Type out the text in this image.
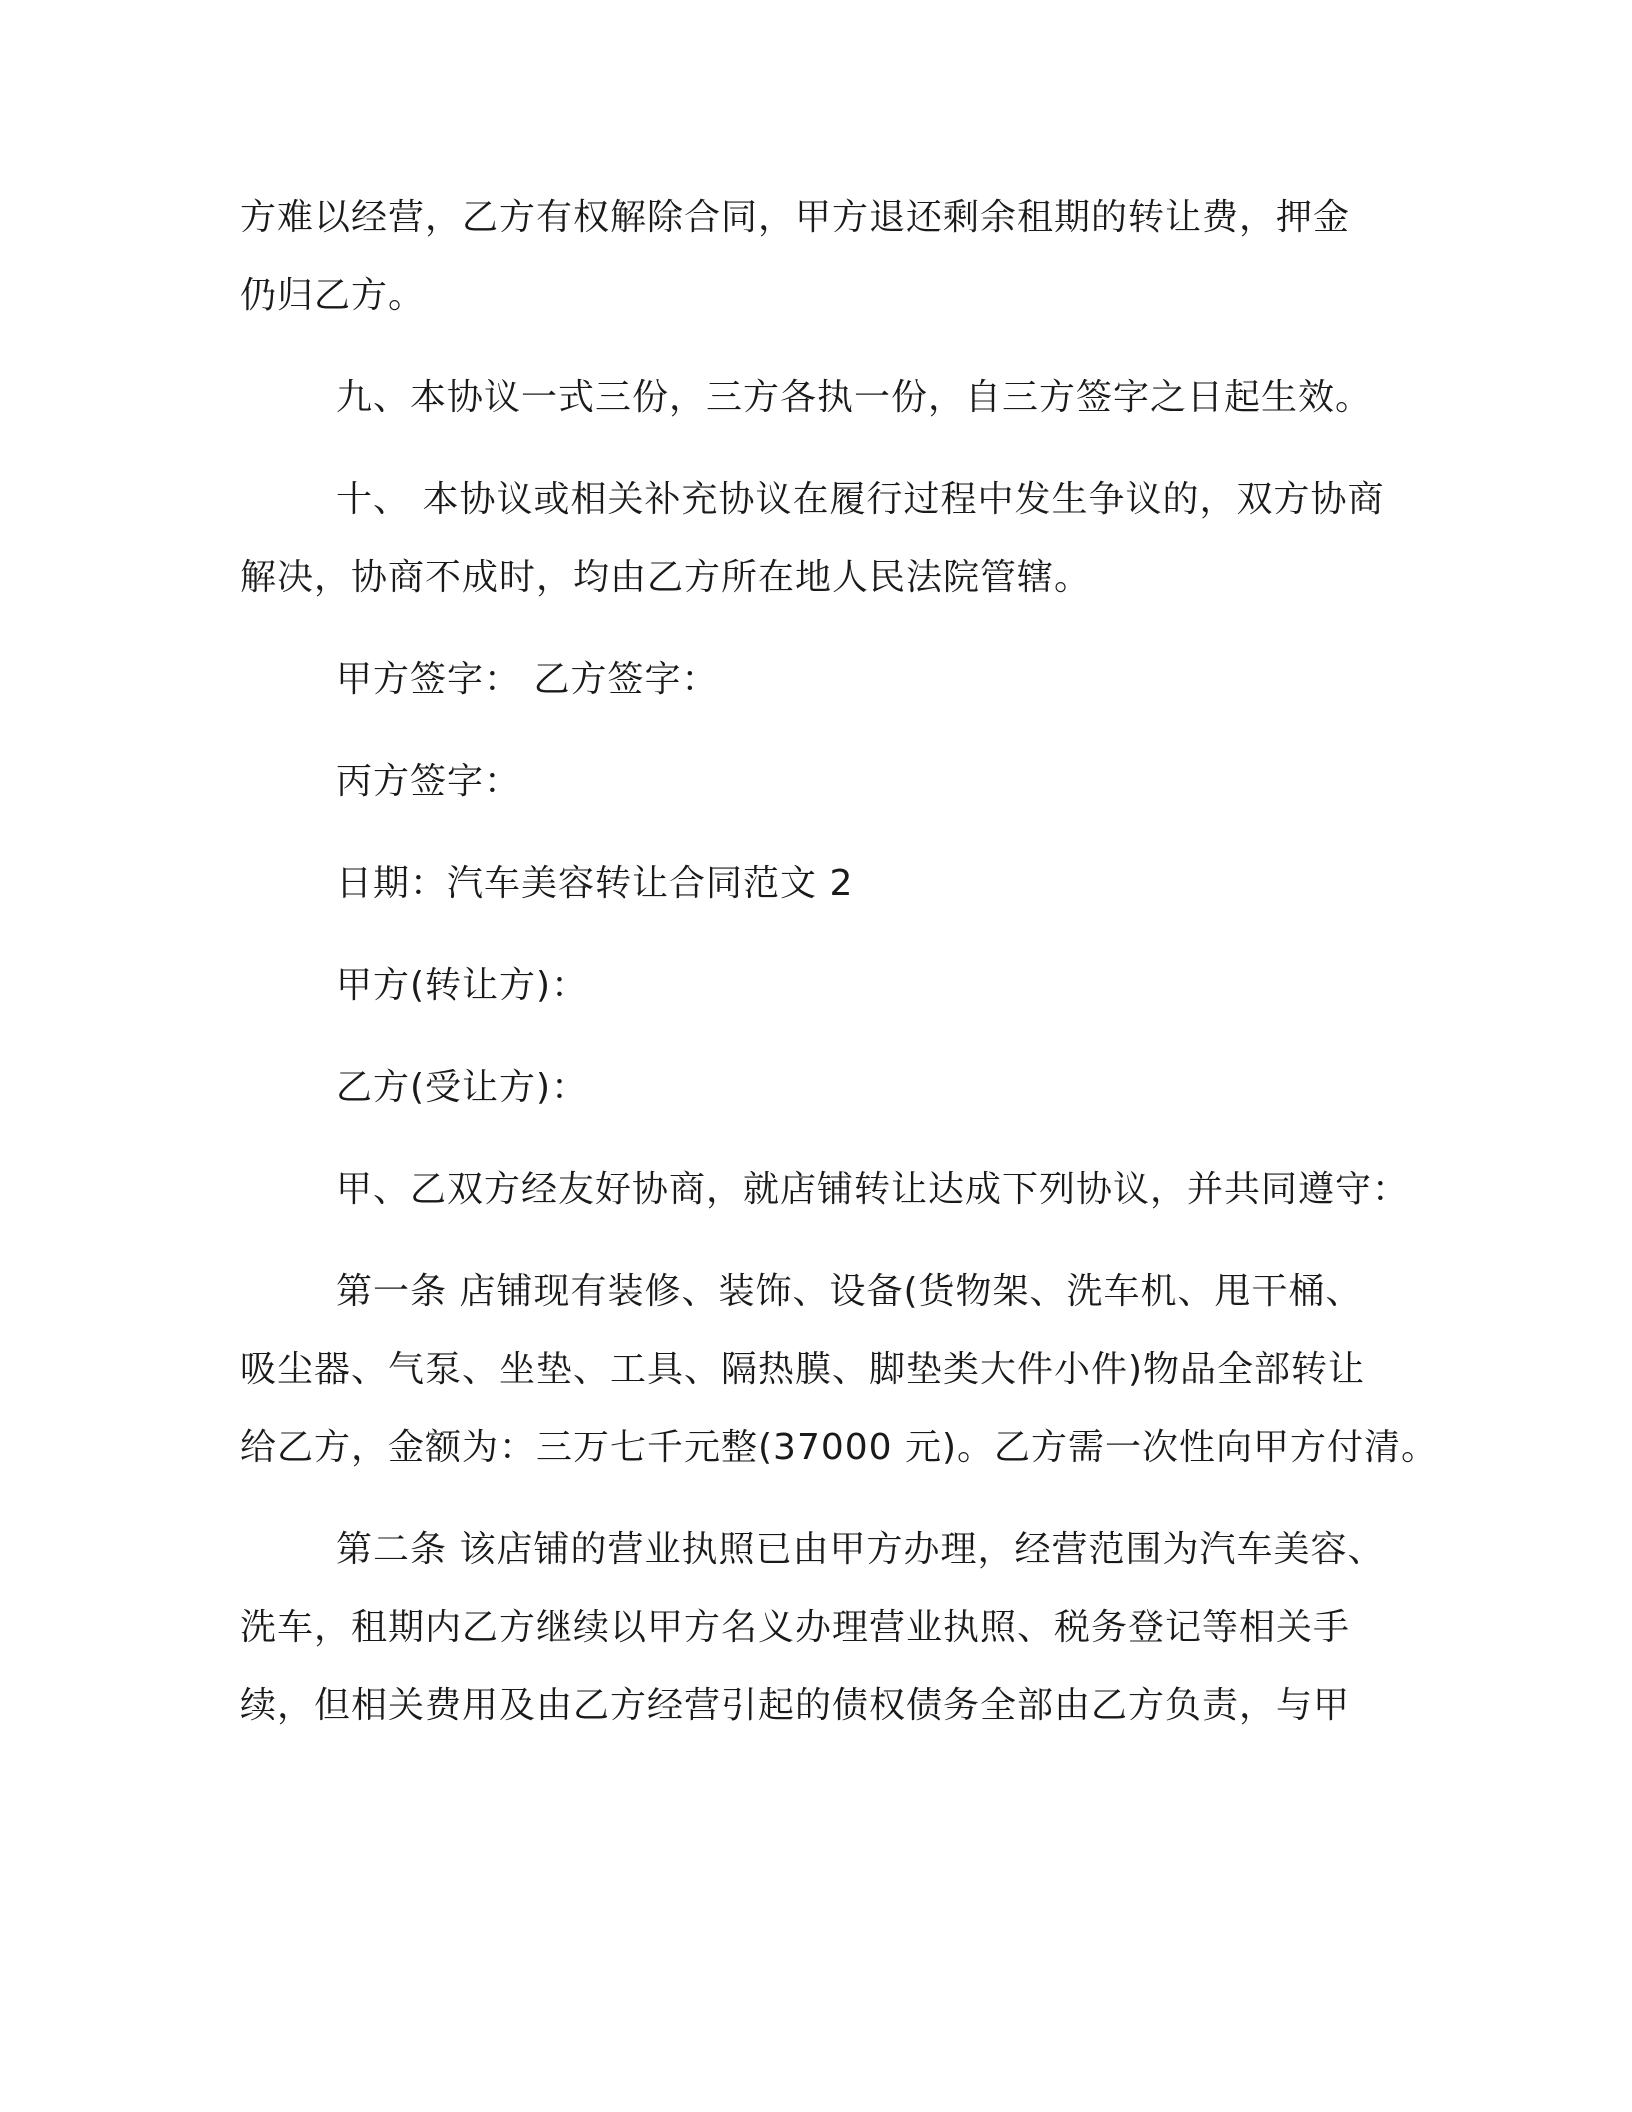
方难以经营，乙方有权解除合同，甲方退还剩余租期的转让费，押金
仍归乙方。
九、本协议一式三份，三方各执一份，自三方签字之日起生效。
十、 本协议或相关补充协议在履行过程中发生争议的，双方协商
解决，协商不成时，均由乙方所在地人民法院管辖。
甲方签字： 乙方签字：
丙方签字：
日期：汽车美容转让合同范文 2
甲方(转让方)：
乙方(受让方)：
甲、乙双方经友好协商，就店铺转让达成下列协议，并共同遵守：
第一条 店铺现有装修、装饰、设备(货物架、洗车机、甩干桶、
吸尘器、气泵、坐垫、工具、隔热膜、脚垫类大件小件)物品全部转让
给乙方，金额为：三万七千元整(37000 元)。乙方需一次性向甲方付清。
第二条 该店铺的营业执照已由甲方办理，经营范围为汽车美容、
洗车，租期内乙方继续以甲方名义办理营业执照、税务登记等相关手
续，但相关费用及由乙方经营引起的债权债务全部由乙方负责，与甲
